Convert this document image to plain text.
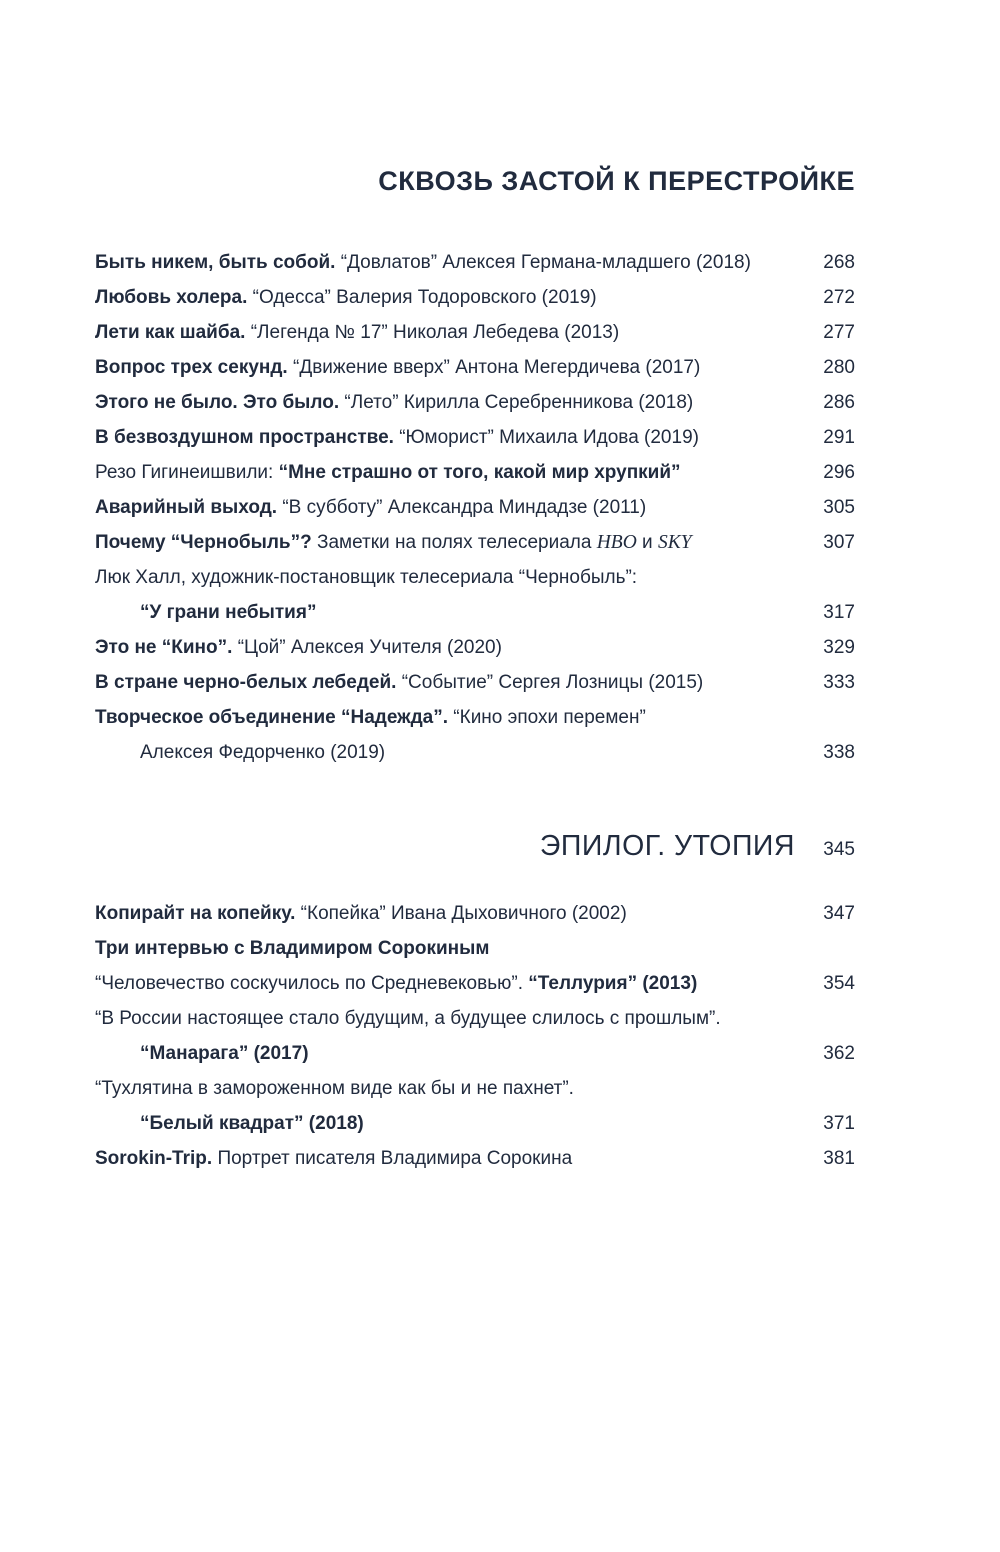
СКВОЗЬ ЗАСТОЙ К ПЕРЕСТРОЙКЕ
Быть никем, быть собой. “Довлатов” Алексея Германа-младшего (2018)	268
Любовь холера. “Одесса” Валерия Тодоровского (2019)	272
Лети как шайба. “Легенда № 17” Николая Лебедева (2013)	277
Вопрос трех секунд. “Движение вверх” Антона Мегердичева (2017)	280
Этого не было. Это было. “Лето” Кирилла Серебренникова (2018)	286
В безвоздушном пространстве. “Юморист” Михаила Идова (2019)	291
Резо Гигинеишвили: “Мне страшно от того, какой мир хрупкий”	296
Аварийный выход. “В субботу” Александра Миндадзе (2011)	305
Почему “Чернобыль”? Заметки на полях телесериала HBO и SKY	307
Люк Халл, художник-постановщик телесериала “Чернобыль”:
“У грани небытия”	317
Это не “Кино”. “Цой” Алексея Учителя (2020)	329
В стране черно-белых лебедей. “Событие” Сергея Лозницы (2015)	333
Творческое объединение “Надежда”. “Кино эпохи перемен”
Алексея Федорченко (2019)	338
ЭПИЛОГ. УТОПИЯ 345
Копирайт на копейку. “Копейка” Ивана Дыховичного (2002)	347
Три интервью с Владимиром Сорокиным
“Человечество соскучилось по Средневековью”. “Теллурия” (2013)	354
“В России настоящее стало будущим, а будущее слилось с прошлым”.
“Манарага” (2017)	362
“Тухлятина в замороженном виде как бы и не пахнет”.
“Белый квадрат” (2018)	371
Sorokin-Trip. Портрет писателя Владимира Сорокина	381
